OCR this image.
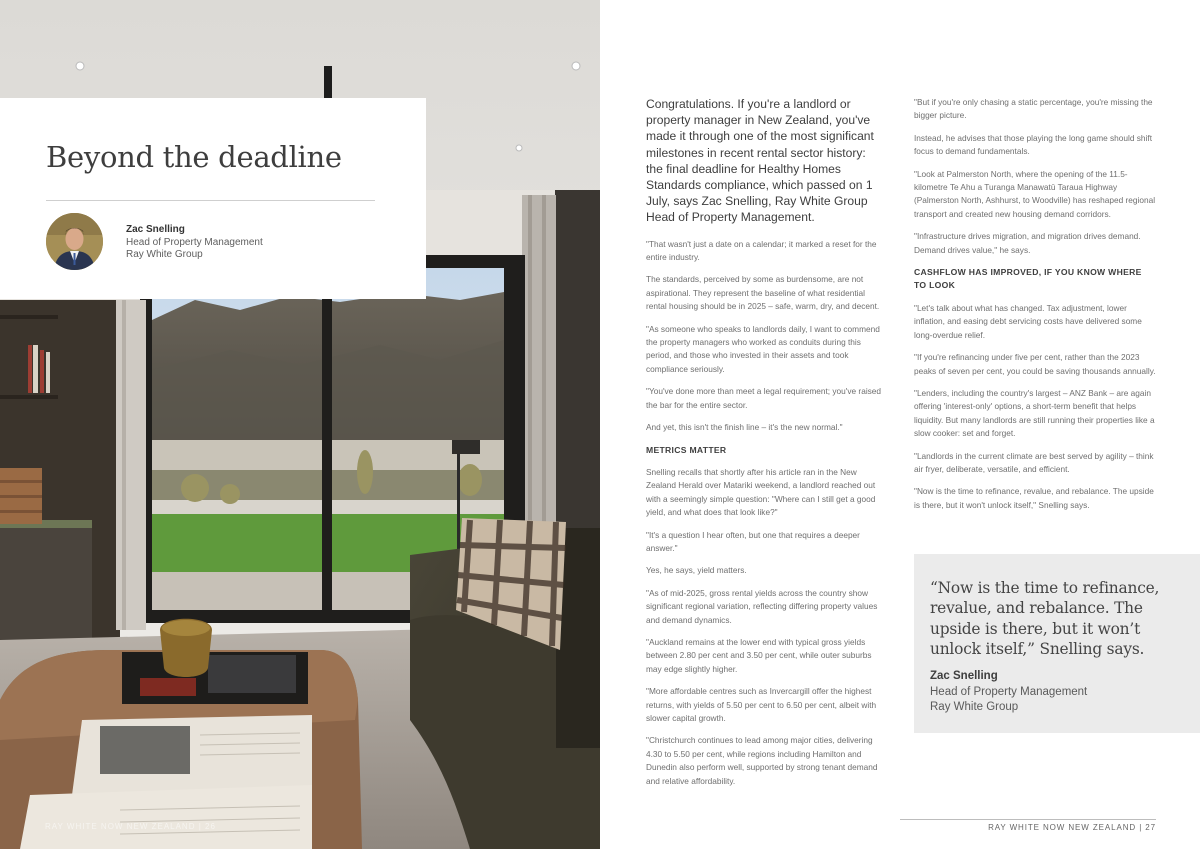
RAY WHITE NOW NEW ZEALAND | 26
Beyond the deadline
Zac Snelling
Head of Property Management
Ray White Group

Congratulations. If you're a landlord or property manager in New Zealand, you've made it through one of the most significant milestones in recent rental sector history: the final deadline for Healthy Homes Standards compliance, which passed on 1 July, says Zac Snelling, Ray White Group Head of Property Management.

"That wasn't just a date on a calendar; it marked a reset for the entire industry.

The standards, perceived by some as burdensome, are not aspirational. They represent the baseline of what residential rental housing should be in 2025 – safe, warm, dry, and decent.

"As someone who speaks to landlords daily, I want to commend the property managers who worked as conduits during this period, and those who invested in their assets and took compliance seriously.

"You've done more than meet a legal requirement; you've raised the bar for the entire sector.

And yet, this isn't the finish line – it's the new normal."

METRICS MATTER

Snelling recalls that shortly after his article ran in the New Zealand Herald over Matariki weekend, a landlord reached out with a seemingly simple question: "Where can I still get a good yield, and what does that look like?"

"It's a question I hear often, but one that requires a deeper answer."

Yes, he says, yield matters.

"As of mid-2025, gross rental yields across the country show significant regional variation, reflecting differing property values and demand dynamics.

"Auckland remains at the lower end with typical gross yields between 2.80 per cent and 3.50 per cent, while outer suburbs may edge slightly higher.

"More affordable centres such as Invercargill offer the highest returns, with yields of 5.50 per cent to 6.50 per cent, albeit with slower capital growth.

"Christchurch continues to lead among major cities, delivering 4.30 to 5.50 per cent, while regions including Hamilton and Dunedin also perform well, supported by strong tenant demand and relative affordability.

"But if you're only chasing a static percentage, you're missing the bigger picture.

Instead, he advises that those playing the long game should shift focus to demand fundamentals.

"Look at Palmerston North, where the opening of the 11.5-kilometre Te Ahu a Turanga Manawatū Taraua Highway (Palmerston North, Ashhurst, to Woodville) has reshaped regional transport and created new housing demand corridors.

"Infrastructure drives migration, and migration drives demand. Demand drives value," he says.

CASHFLOW HAS IMPROVED, IF YOU KNOW WHERE TO LOOK

"Let's talk about what has changed. Tax adjustment, lower inflation, and easing debt servicing costs have delivered some long-overdue relief.

"If you're refinancing under five per cent, rather than the 2023 peaks of seven per cent, you could be saving thousands annually.

"Lenders, including the country's largest – ANZ Bank – are again offering 'interest-only' options, a short-term benefit that helps liquidity. But many landlords are still running their properties like a slow cooker: set and forget.

"Landlords in the current climate are best served by agility – think air fryer, deliberate, versatile, and efficient.

"Now is the time to refinance, revalue, and rebalance. The upside is there, but it won't unlock itself," Snelling says.

“Now is the time to refinance, revalue, and rebalance. The upside is there, but it won’t unlock itself,” Snelling says.
Zac Snelling
Head of Property Management
Ray White Group
RAY WHITE NOW NEW ZEALAND | 27
